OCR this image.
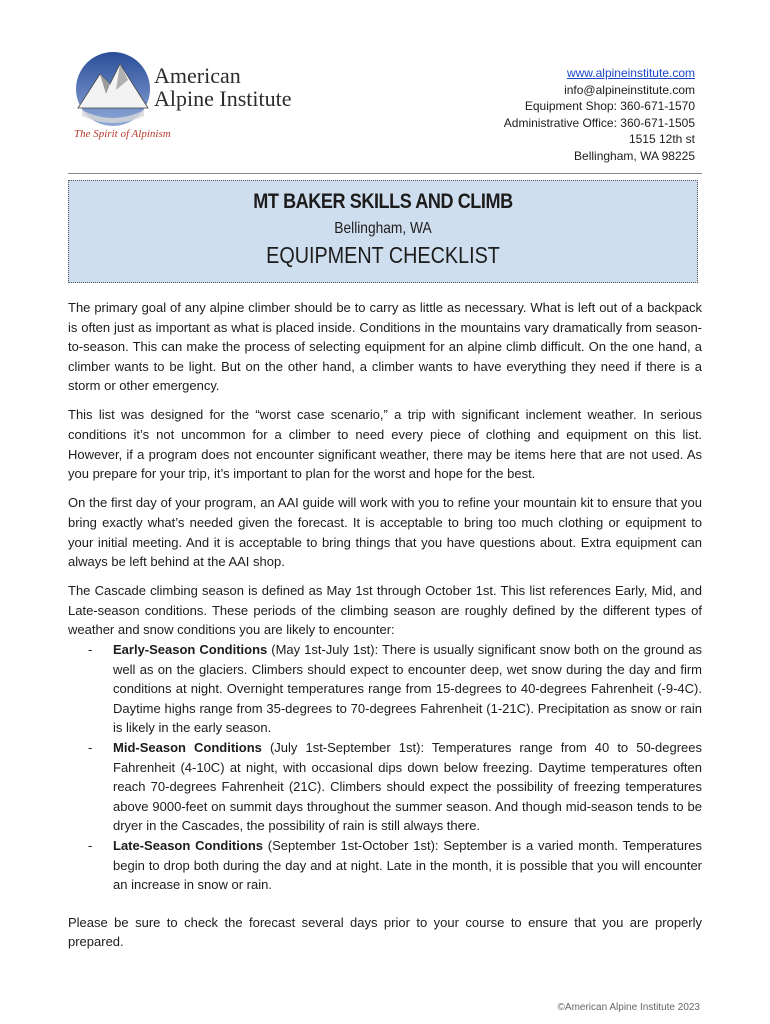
American
Alpine Institute
The Spirit of Alpinism
www.alpineinstitute.com
info@alpineinstitute.com
Equipment Shop: 360-671-1570
Administrative Office: 360-671-1505
1515 12th st
Bellingham, WA 98225
MT BAKER SKILLS AND CLIMB
Bellingham, WA
EQUIPMENT CHECKLIST

The primary goal of any alpine climber should be to carry as little as necessary. What is left out of a backpack is often just as important as what is placed inside. Conditions in the mountains vary dramatically from season-to-season. This can make the process of selecting equipment for an alpine climb difficult. On the one hand, a climber wants to be light. But on the other hand, a climber wants to have everything they need if there is a storm or other emergency.

This list was designed for the “worst case scenario,” a trip with significant inclement weather. In serious conditions it’s not uncommon for a climber to need every piece of clothing and equipment on this list. However, if a program does not encounter significant weather, there may be items here that are not used. As you prepare for your trip, it’s important to plan for the worst and hope for the best.

On the first day of your program, an AAI guide will work with you to refine your mountain kit to ensure that you bring exactly what’s needed given the forecast. It is acceptable to bring too much clothing or equipment to your initial meeting. And it is acceptable to bring things that you have questions about. Extra equipment can always be left behind at the AAI shop.

The Cascade climbing season is defined as May 1st through October 1st. This list references Early, Mid, and Late-season conditions. These periods of the climbing season are roughly defined by the different types of weather and snow conditions you are likely to encounter:

- Early-Season Conditions (May 1st-July 1st): There is usually significant snow both on the ground as well as on the glaciers. Climbers should expect to encounter deep, wet snow during the day and firm conditions at night. Overnight temperatures range from 15-degrees to 40-degrees Fahrenheit (-9-4C). Daytime highs range from 35-degrees to 70-degrees Fahrenheit (1-21C). Precipitation as snow or rain is likely in the early season.
- Mid-Season Conditions (July 1st-September 1st): Temperatures range from 40 to 50-degrees Fahrenheit (4-10C) at night, with occasional dips down below freezing. Daytime temperatures often reach 70-degrees Fahrenheit (21C). Climbers should expect the possibility of freezing temperatures above 9000-feet on summit days throughout the summer season. And though mid-season tends to be dryer in the Cascades, the possibility of rain is still always there.
- Late-Season Conditions (September 1st-October 1st): September is a varied month. Temperatures begin to drop both during the day and at night. Late in the month, it is possible that you will encounter an increase in snow or rain.

Please be sure to check the forecast several days prior to your course to ensure that you are properly prepared.

©American Alpine Institute 2023
